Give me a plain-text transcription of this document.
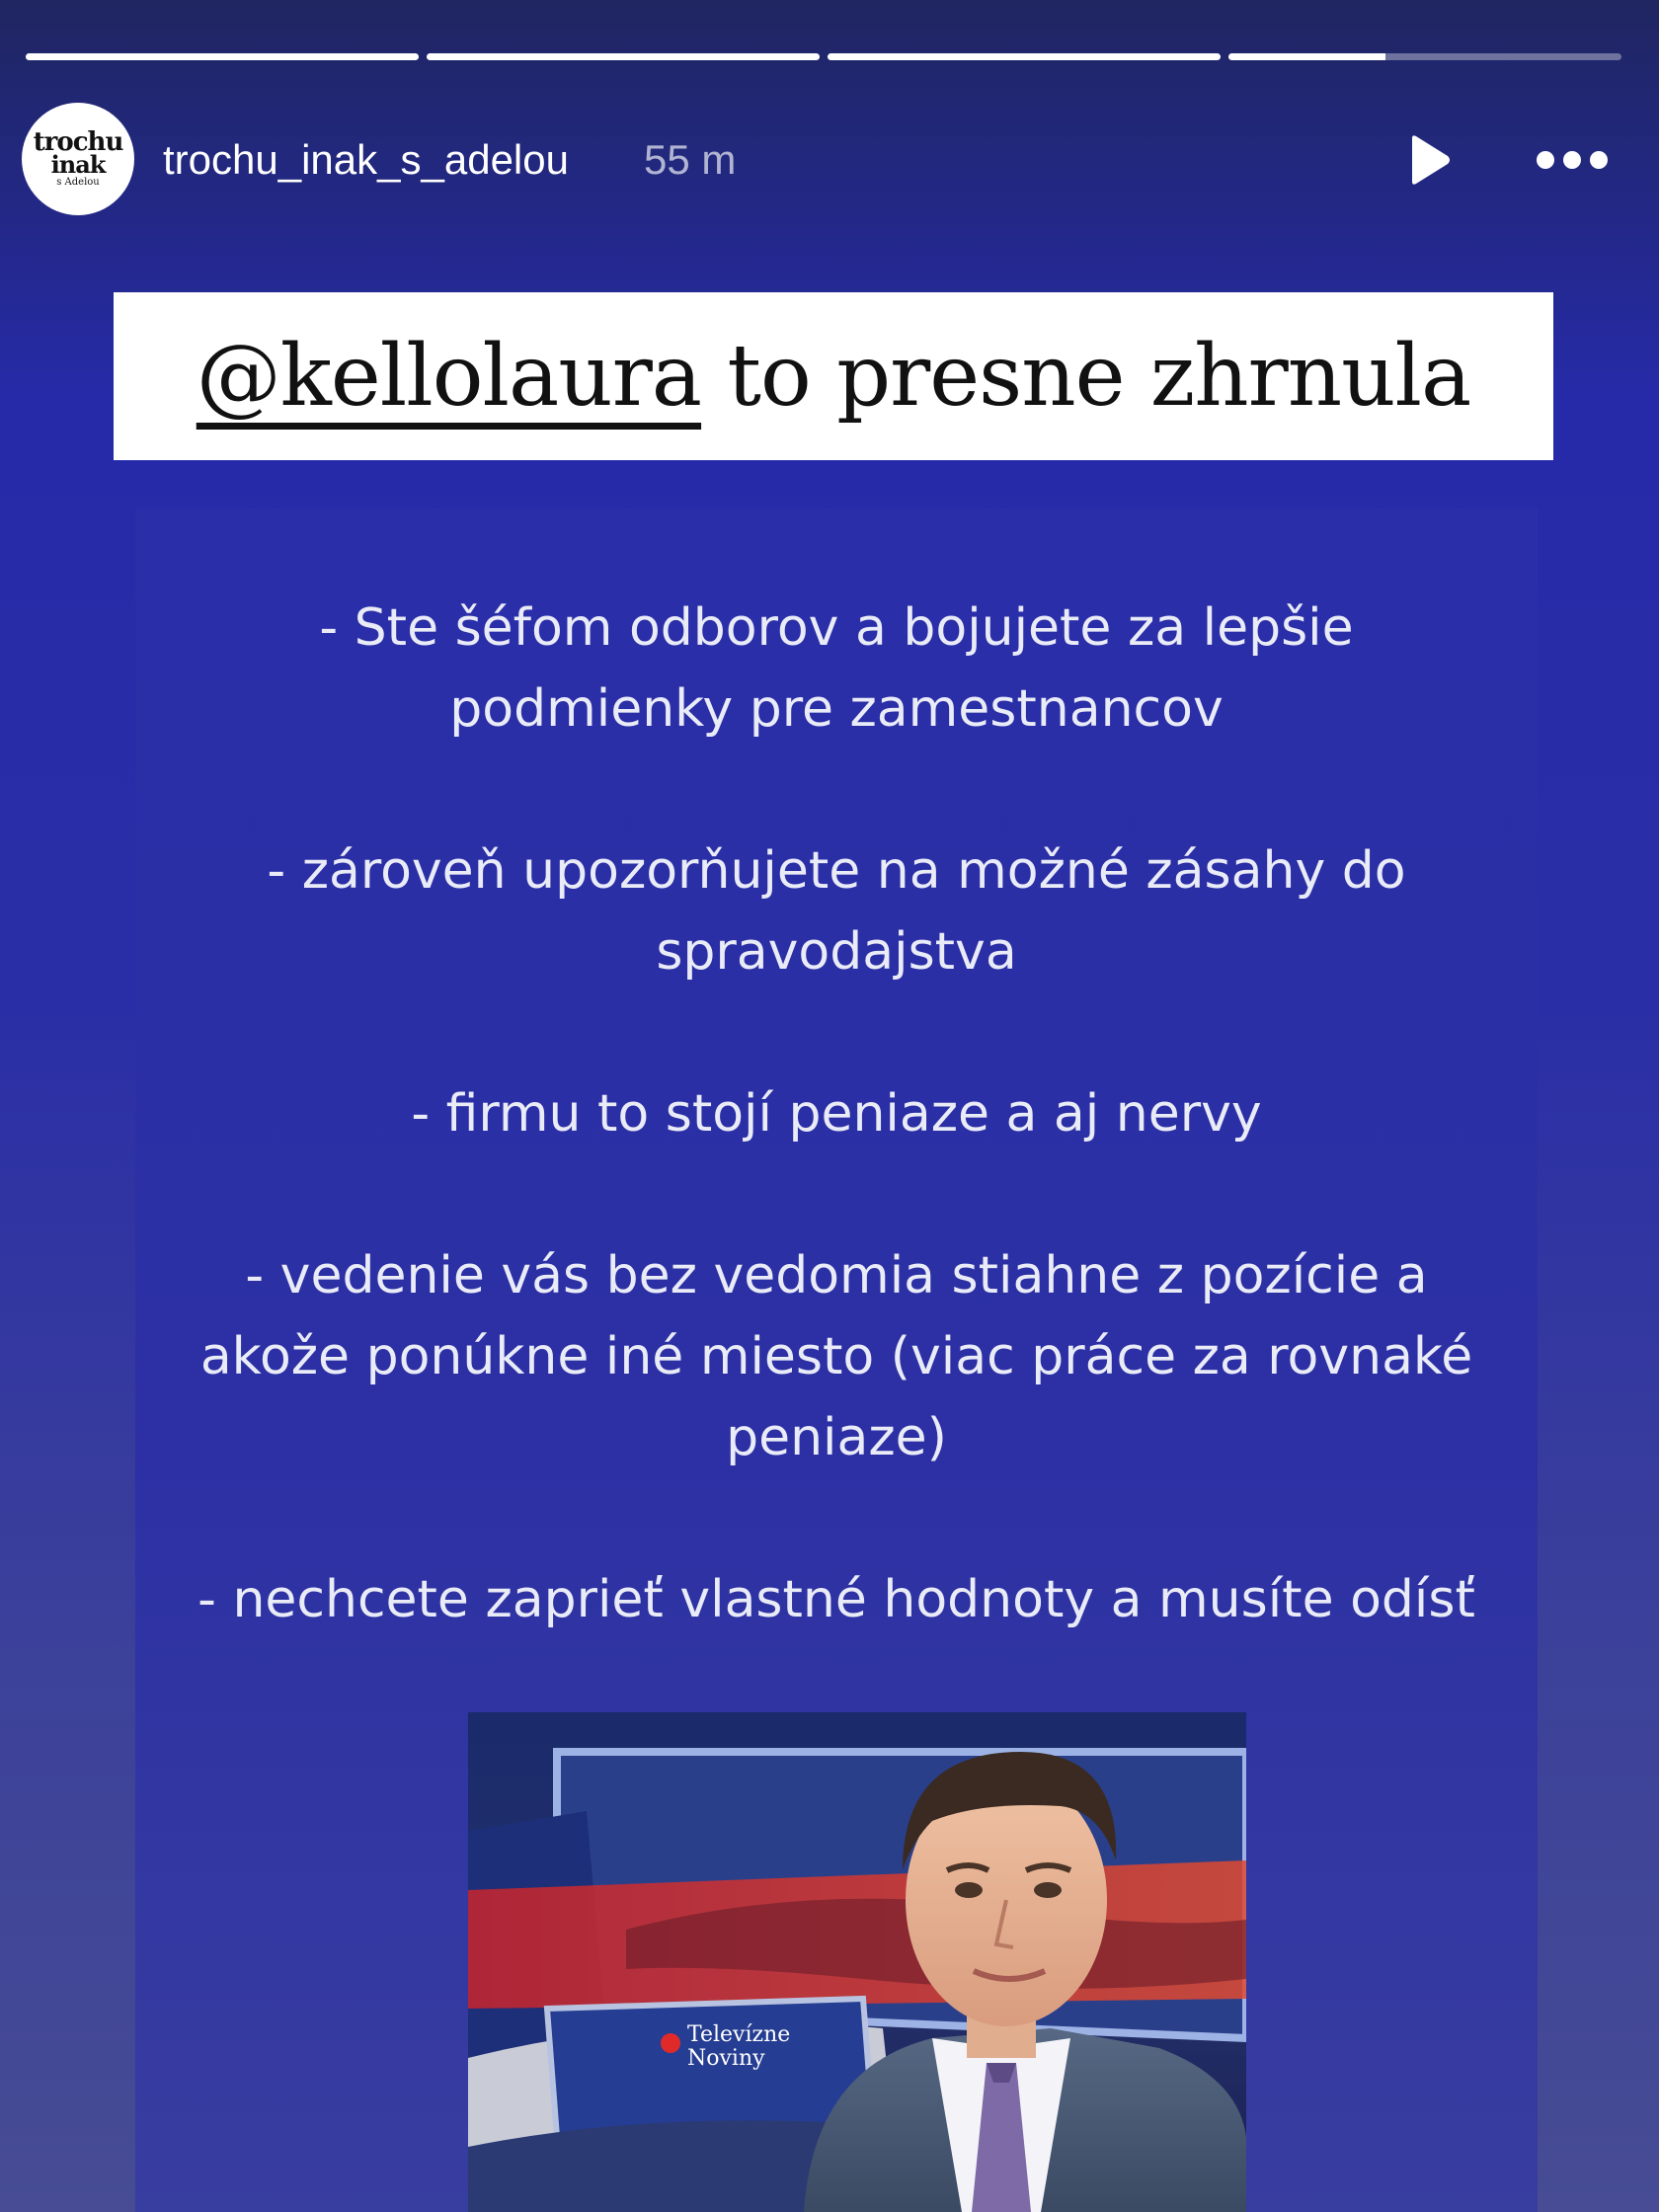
trochu
inak
s Adelou trochu_inak_s_adelou 55 m
@kellolaura to presne zhrnula
- Ste šéfom odborov a bojujete za lepšie podmienky pre zamestnancov
- zároveň upozorňujete na možné zásahy do spravodajstva
- firmu to stojí peniaze a aj nervy
- vedenie vás bez vedomia stiahne z pozície a akože ponúkne iné miesto (viac práce za rovnaké peniaze)
- nechcete zaprieť vlastné hodnoty a musíte odísť
Televízne
Noviny
